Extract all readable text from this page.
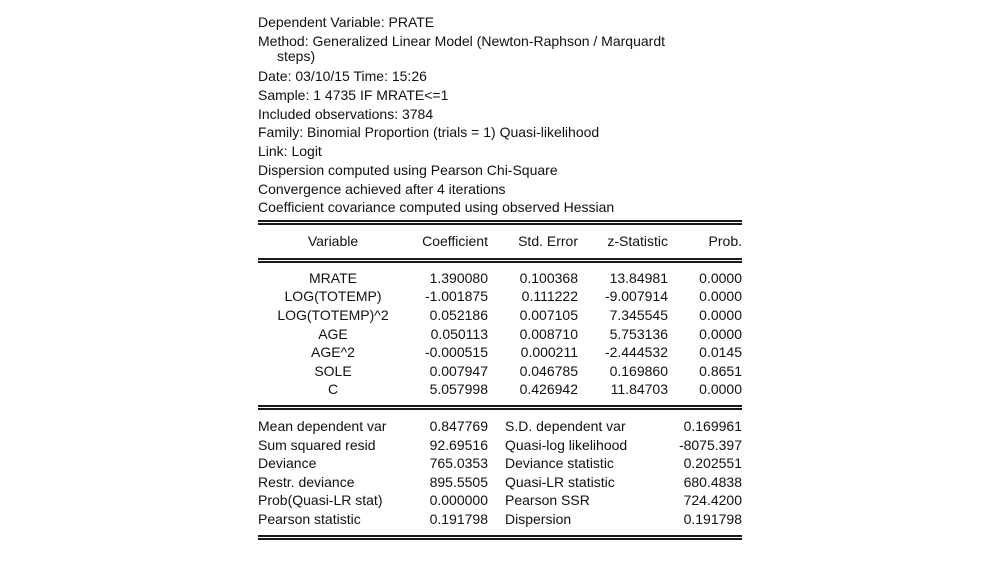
Dependent Variable: PRATE
Method: Generalized Linear Model (Newton-Raphson / Marquardt
steps)
Date: 03/10/15 Time: 15:26
Sample: 1 4735 IF MRATE<=1
Included observations: 3784
Family: Binomial Proportion (trials = 1) Quasi-likelihood
Link: Logit
Dispersion computed using Pearson Chi-Square
Convergence achieved after 4 iterations
Coefficient covariance computed using observed Hessian
Variable	Coefficient	Std. Error	z-Statistic	Prob.
MRATE	1.390080	0.100368	13.84981	0.0000
LOG(TOTEMP)	-1.001875	0.111222	-9.007914	0.0000
LOG(TOTEMP)^2	0.052186	0.007105	7.345545	0.0000
AGE	0.050113	0.008710	5.753136	0.0000
AGE^2	-0.000515	0.000211	-2.444532	0.0145
SOLE	0.007947	0.046785	0.169860	0.8651
C	5.057998	0.426942	11.84703	0.0000
Mean dependent var	0.847769	S.D. dependent var	0.169961
Sum squared resid	92.69516	Quasi-log likelihood	-8075.397
Deviance	765.0353	Deviance statistic	0.202551
Restr. deviance	895.5505	Quasi-LR statistic	680.4838
Prob(Quasi-LR stat)	0.000000	Pearson SSR	724.4200
Pearson statistic	0.191798	Dispersion	0.191798
